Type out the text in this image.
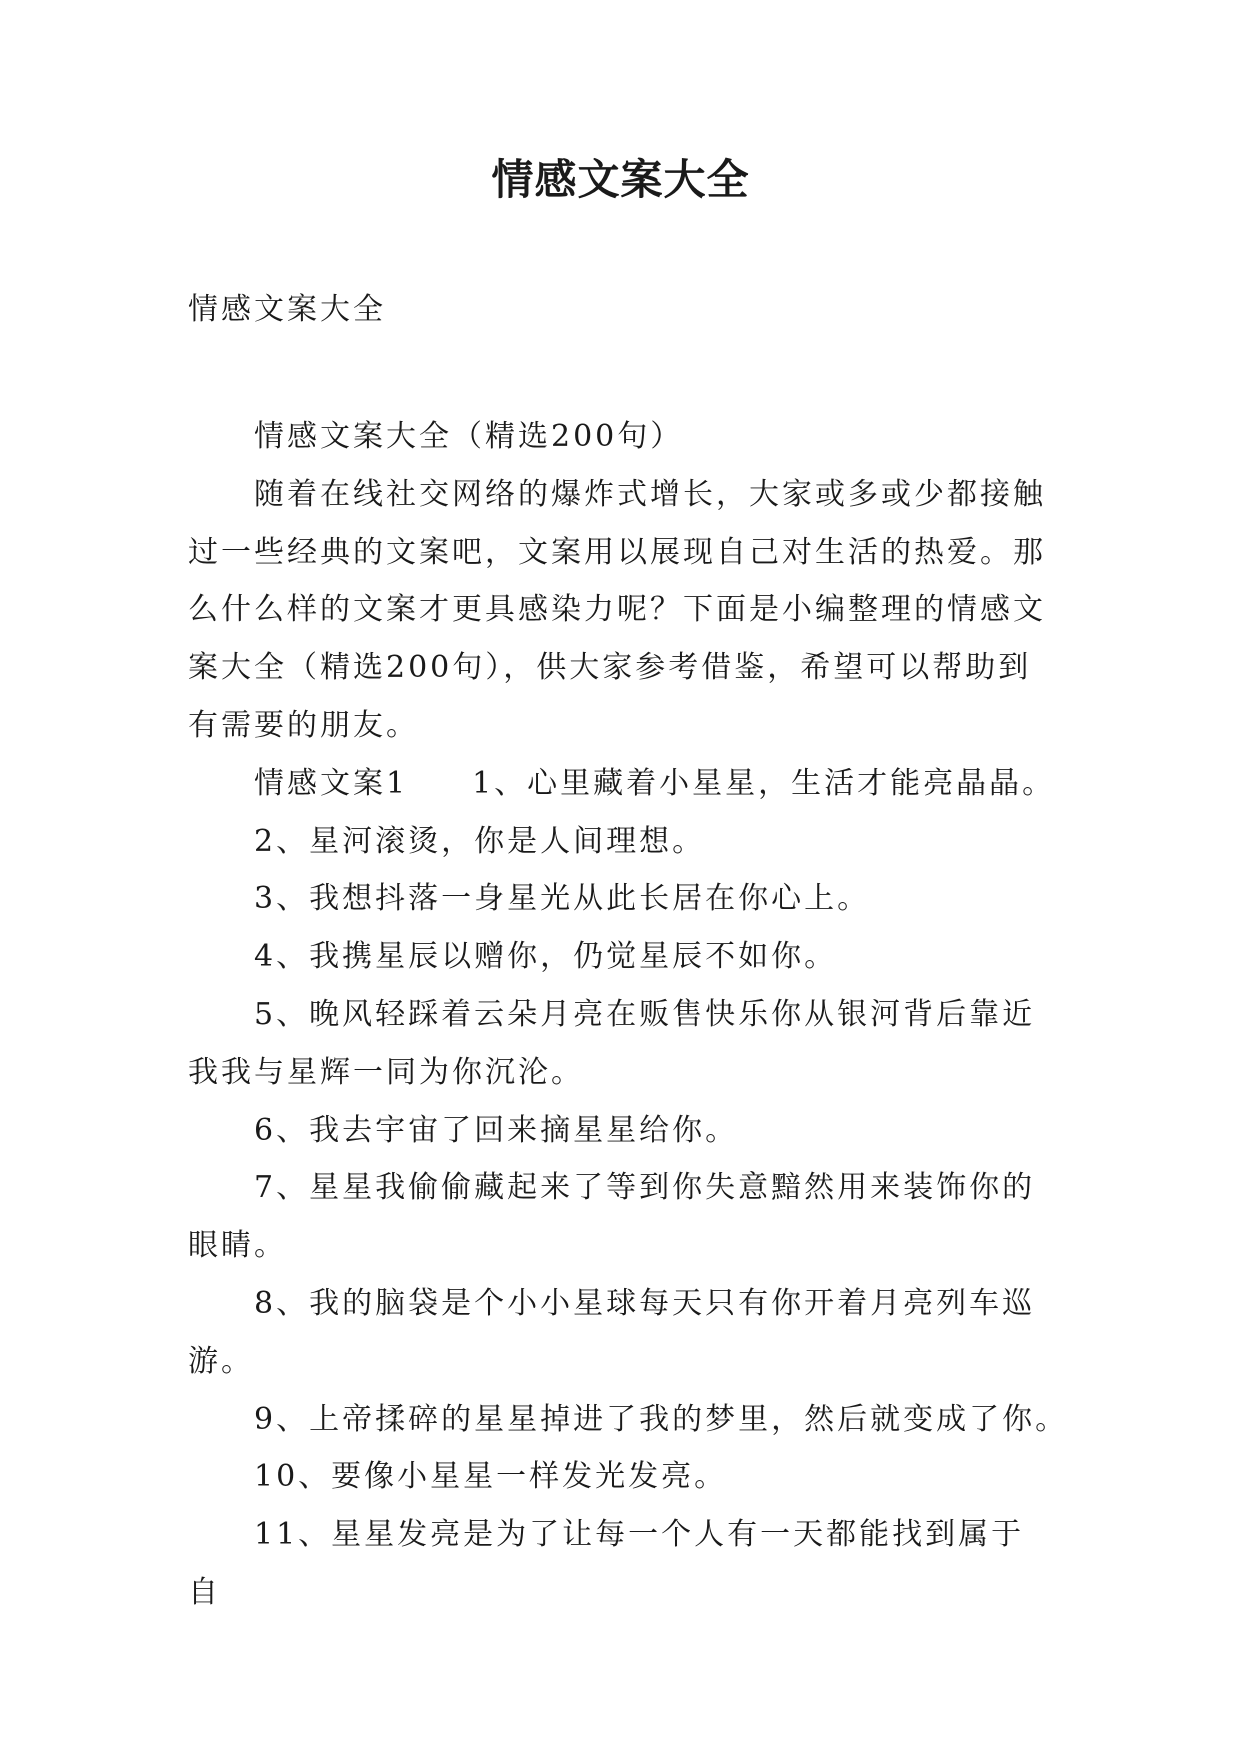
情感文案大全
情感文案大全

情感文案大全（精选200句）

随着在线社交网络的爆炸式增长，大家或多或少都接触过一些经典的文案吧，文案用以展现自己对生活的热爱。那么什么样的文案才更具感染力呢？下面是小编整理的情感文案大全（精选200句），供大家参考借鉴，希望可以帮助到有需要的朋友。

情感文案1 1、心里藏着小星星，生活才能亮晶晶。

2、星河滚烫，你是人间理想。

3、我想抖落一身星光从此长居在你心上。

4、我携星辰以赠你，仍觉星辰不如你。

5、晚风轻踩着云朵月亮在贩售快乐你从银河背后靠近我我与星辉一同为你沉沦。

6、我去宇宙了回来摘星星给你。

7、星星我偷偷藏起来了等到你失意黯然用来装饰你的眼睛。

8、我的脑袋是个小小星球每天只有你开着月亮列车巡游。

9、上帝揉碎的星星掉进了我的梦里，然后就变成了你。

10、要像小星星一样发光发亮。

11、星星发亮是为了让每一个人有一天都能找到属于自
